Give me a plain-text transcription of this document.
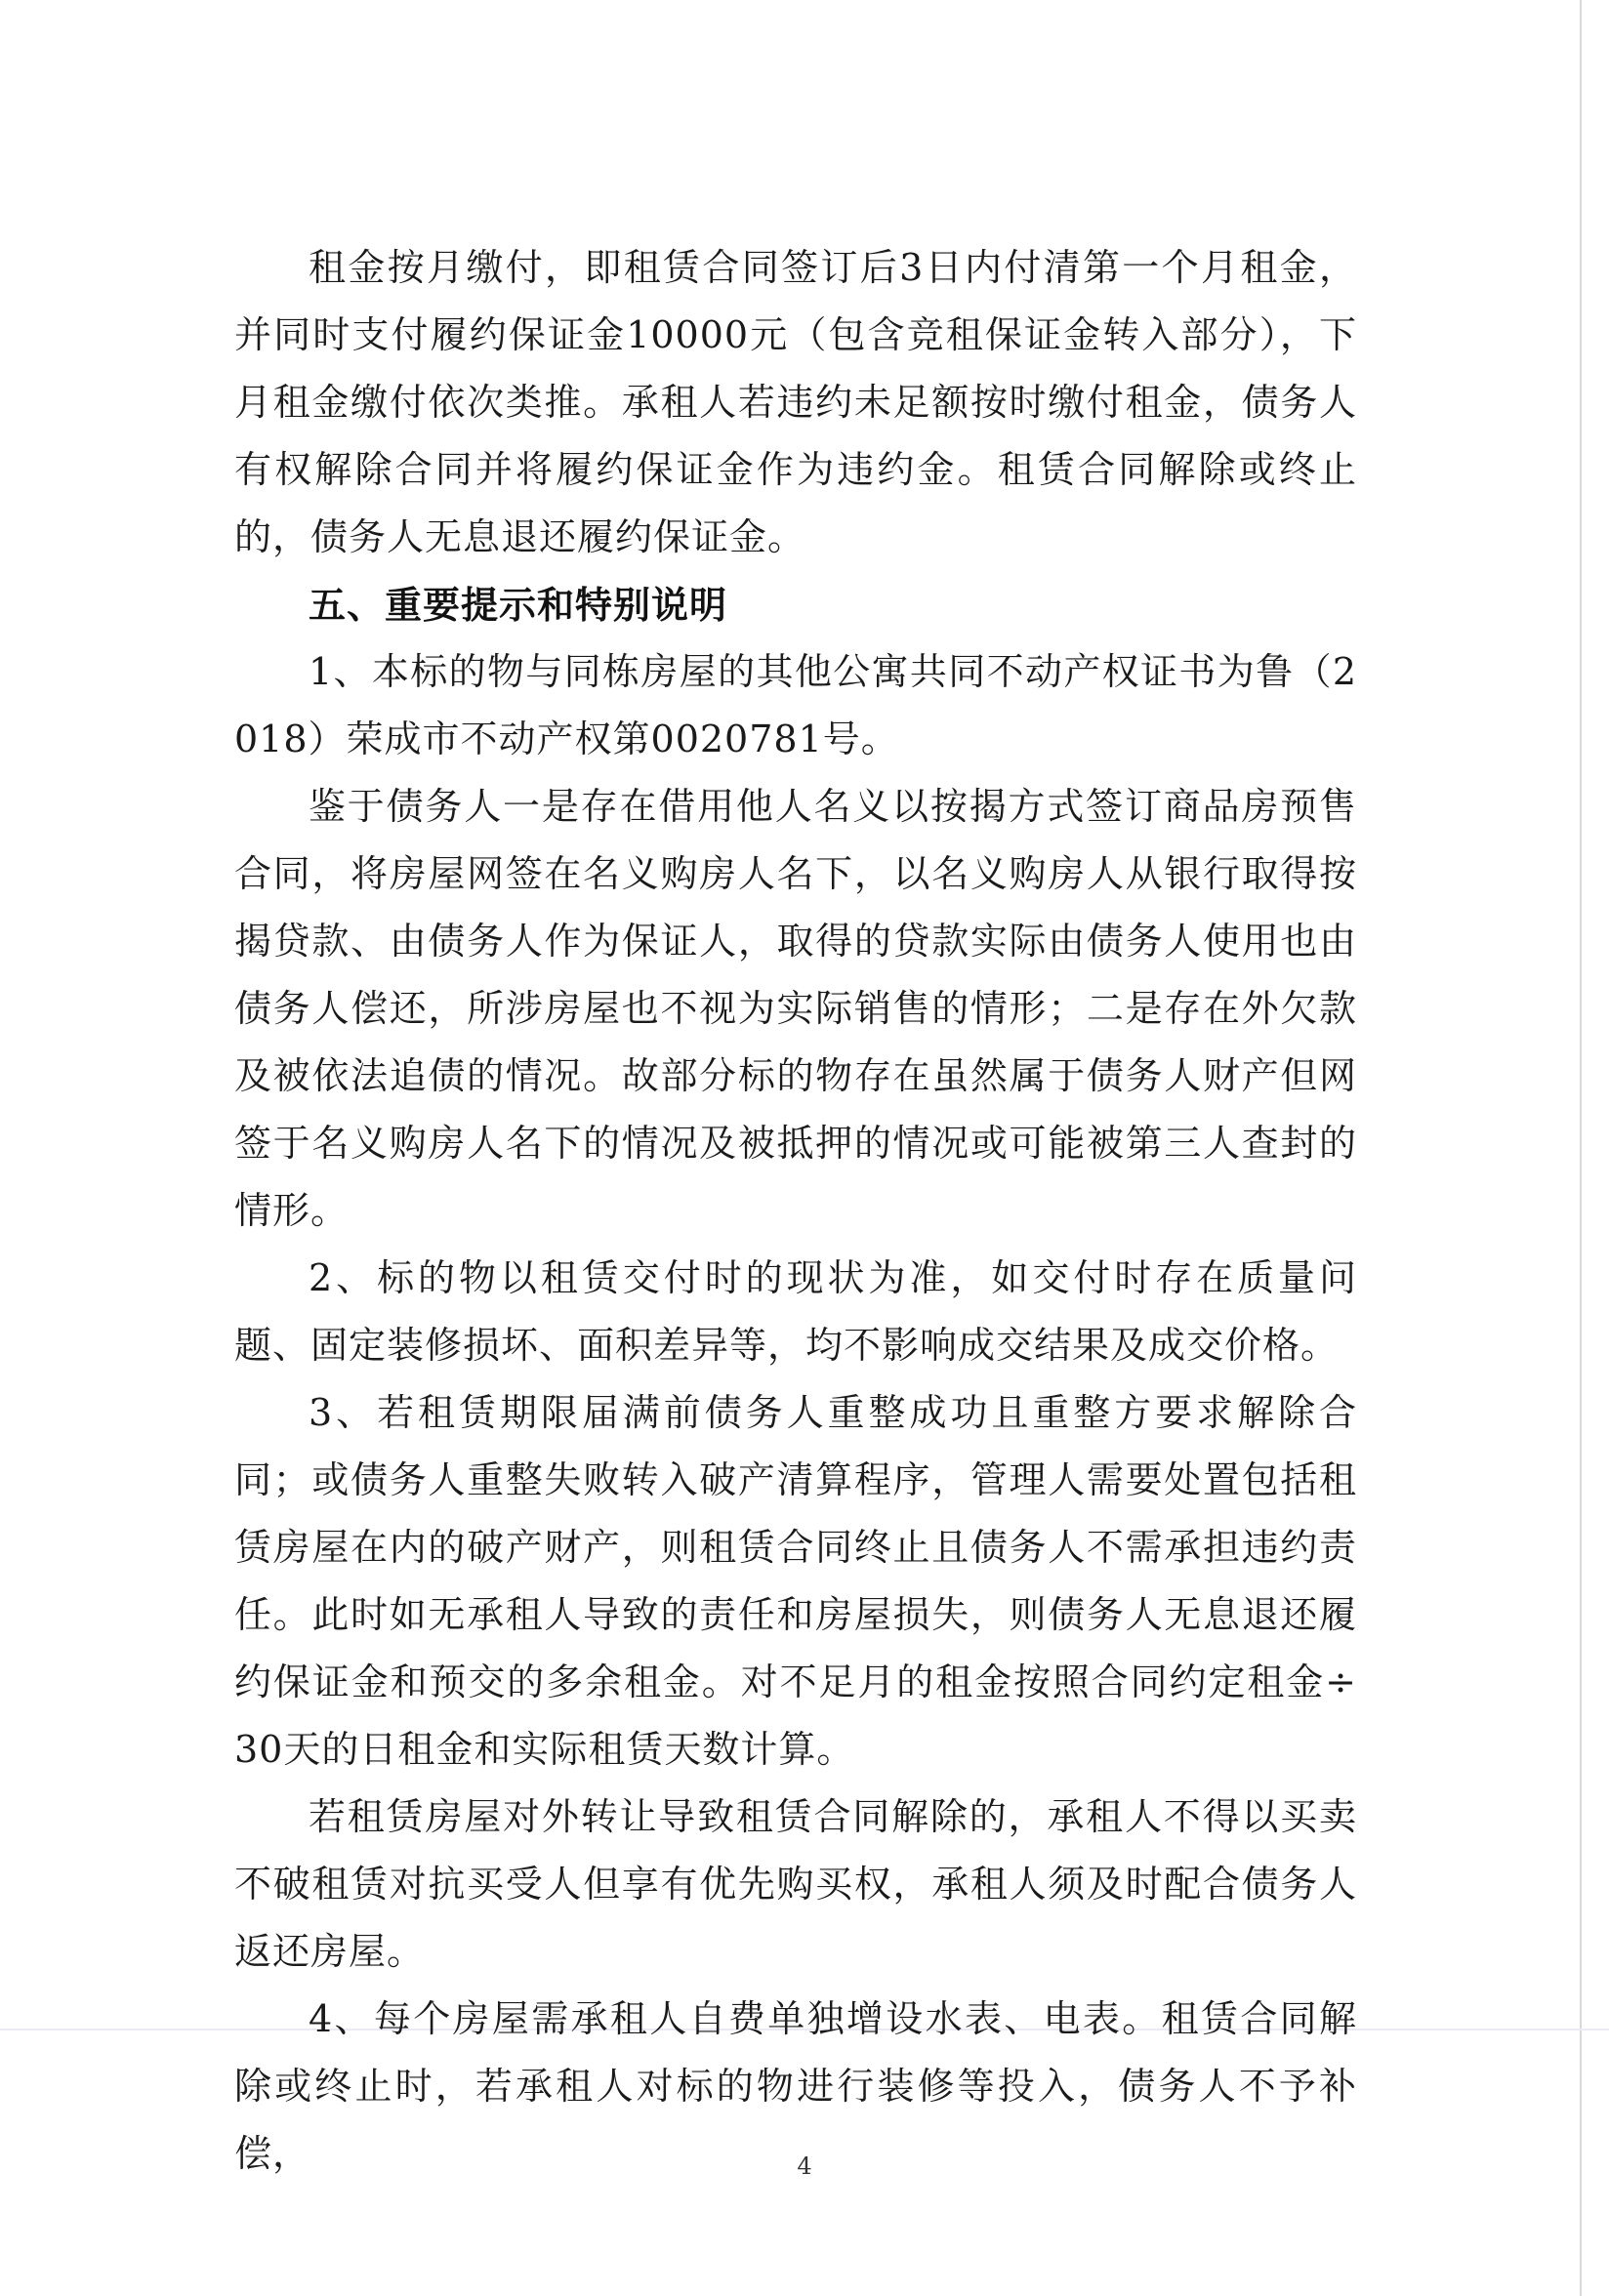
租金按月缴付，即租赁合同签订后3日内付清第一个月租金，并同时支付履约保证金10000元（包含竞租保证金转入部分），下月租金缴付依次类推。承租人若违约未足额按时缴付租金，债务人有权解除合同并将履约保证金作为违约金。租赁合同解除或终止的，债务人无息退还履约保证金。

五、重要提示和特别说明

1、本标的物与同栋房屋的其他公寓共同不动产权证书为鲁（2018）荣成市不动产权第0020781号。

鉴于债务人一是存在借用他人名义以按揭方式签订商品房预售合同，将房屋网签在名义购房人名下，以名义购房人从银行取得按揭贷款、由债务人作为保证人，取得的贷款实际由债务人使用也由债务人偿还，所涉房屋也不视为实际销售的情形；二是存在外欠款及被依法追债的情况。故部分标的物存在虽然属于债务人财产但网签于名义购房人名下的情况及被抵押的情况或可能被第三人查封的情形。

2、标的物以租赁交付时的现状为准，如交付时存在质量问题、固定装修损坏、面积差异等，均不影响成交结果及成交价格。

3、若租赁期限届满前债务人重整成功且重整方要求解除合同；或债务人重整失败转入破产清算程序，管理人需要处置包括租赁房屋在内的破产财产，则租赁合同终止且债务人不需承担违约责任。此时如无承租人导致的责任和房屋损失，则债务人无息退还履约保证金和预交的多余租金。对不足月的租金按照合同约定租金÷30天的日租金和实际租赁天数计算。

若租赁房屋对外转让导致租赁合同解除的，承租人不得以买卖不破租赁对抗买受人但享有优先购买权，承租人须及时配合债务人返还房屋。

4、每个房屋需承租人自费单独增设水表、电表。租赁合同解除或终止时，若承租人对标的物进行装修等投入，债务人不予补偿，	4
